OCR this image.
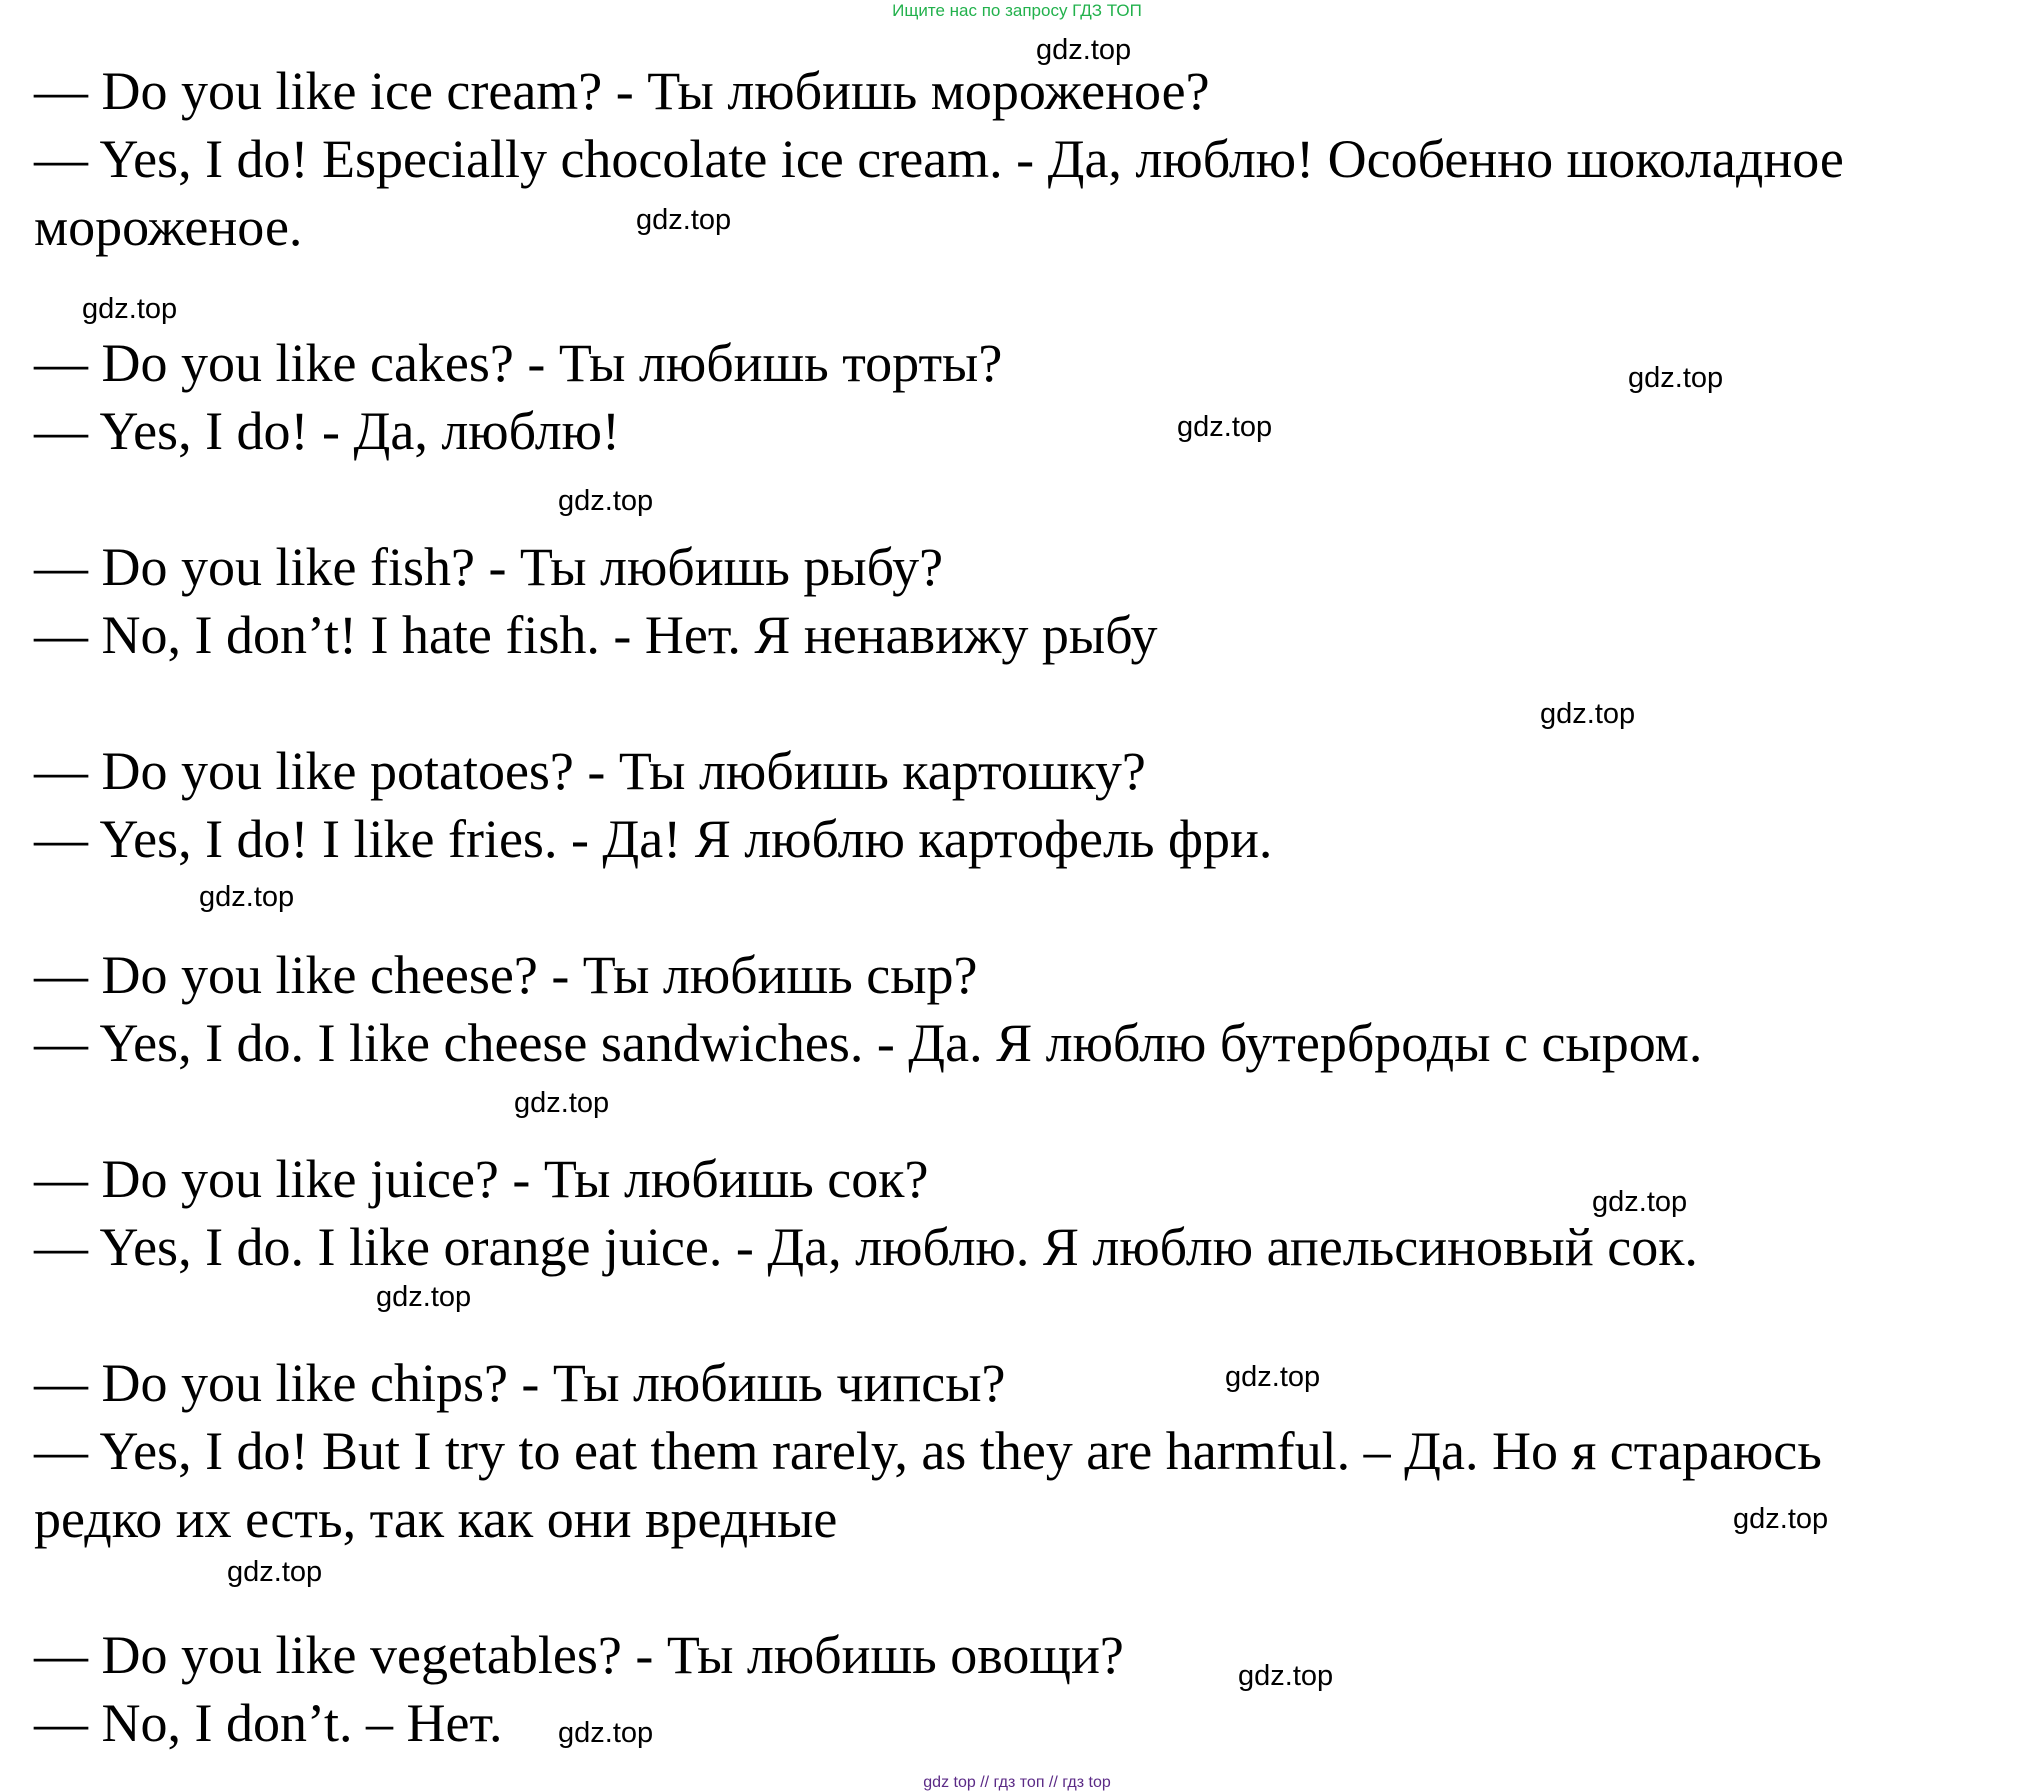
Ищите нас по запросу ГДЗ ТОП
— Do you like ice cream? - Ты любишь мороженое?
— Yes, I do! Especially chocolate ice cream. - Да, люблю! Особенно шоколадное
мороженое.
— Do you like cakes? - Ты любишь торты?
— Yes, I do! - Да, люблю!
— Do you like fish? - Ты любишь рыбу?
— No, I don’t! I hate fish. - Нет. Я ненавижу рыбу
— Do you like potatoes? - Ты любишь картошку?
— Yes, I do! I like fries. - Да! Я люблю картофель фри.
— Do you like cheese? - Ты любишь сыр?
— Yes, I do. I like cheese sandwiches. - Да. Я люблю бутерброды с сыром.
— Do you like juice? - Ты любишь сок?
— Yes, I do. I like orange juice. - Да, люблю. Я люблю апельсиновый сок.
— Do you like chips? - Ты любишь чипсы?
— Yes, I do! But I try to eat them rarely, as they are harmful. – Да. Но я стараюсь
редко их есть, так как они вредные
— Do you like vegetables? - Ты любишь овощи?
— No, I don’t. – Нет.
gdz.top
gdz.top
gdz.top
gdz.top
gdz.top
gdz.top
gdz.top
gdz.top
gdz.top
gdz.top
gdz.top
gdz.top
gdz.top
gdz.top
gdz.top
gdz.top
gdz top // гдз топ // гдз top
